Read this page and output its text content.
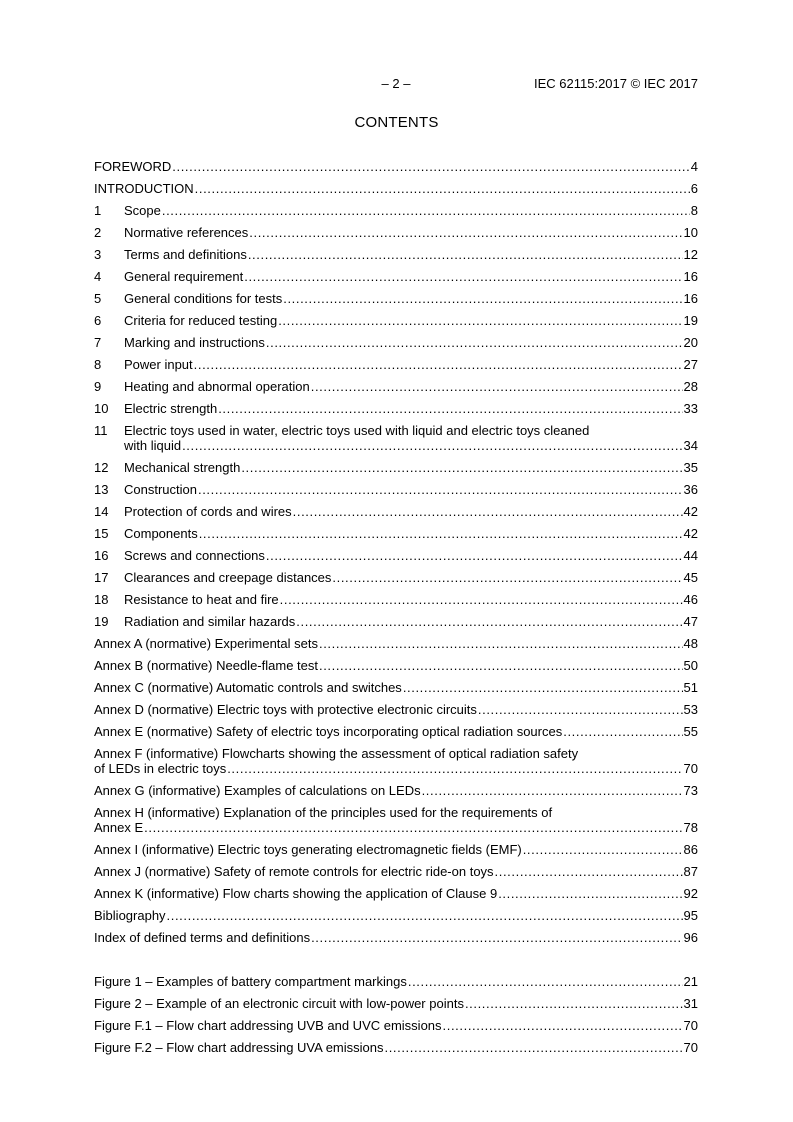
– 2 –	IEC 62115:2017 © IEC 2017
CONTENTS
FOREWORD .....	4
INTRODUCTION .....	6
1	Scope .....	8
2	Normative references .....	10
3	Terms and definitions .....	12
4	General requirement .....	16
5	General conditions for tests .....	16
6	Criteria for reduced testing .....	19
7	Marking and instructions .....	20
8	Power input .....	27
9	Heating and abnormal operation .....	28
10	Electric strength .....	33
11	Electric toys used in water, electric toys used with liquid and electric toys cleaned
with liquid .....	34
12	Mechanical strength .....	35
13	Construction .....	36
14	Protection of cords and wires .....	42
15	Components .....	42
16	Screws and connections .....	44
17	Clearances and creepage distances .....	45
18	Resistance to heat and fire .....	46
19	Radiation and similar hazards .....	47
Annex A (normative) Experimental sets .....	48
Annex B (normative) Needle-flame test .....	50
Annex C (normative) Automatic controls and switches .....	51
Annex D (normative) Electric toys with protective electronic circuits .....	53
Annex E (normative) Safety of electric toys incorporating optical radiation sources .....	55
Annex F (informative) Flowcharts showing the assessment of optical radiation safety
of LEDs in electric toys .....	70
Annex G (informative) Examples of calculations on LEDs .....	73
Annex H (informative) Explanation of the principles used for the requirements of
Annex E .....	78
Annex I (informative) Electric toys generating electromagnetic fields (EMF) .....	86
Annex J (normative) Safety of remote controls for electric ride-on toys .....	87
Annex K (informative) Flow charts showing the application of Clause 9 .....	92
Bibliography .....	95
Index of defined terms and definitions .....	96
Figure 1 – Examples of battery compartment markings .....	21
Figure 2 – Example of an electronic circuit with low-power points .....	31
Figure F.1 – Flow chart addressing UVB and UVC emissions .....	70
Figure F.2 – Flow chart addressing UVA emissions .....	70
